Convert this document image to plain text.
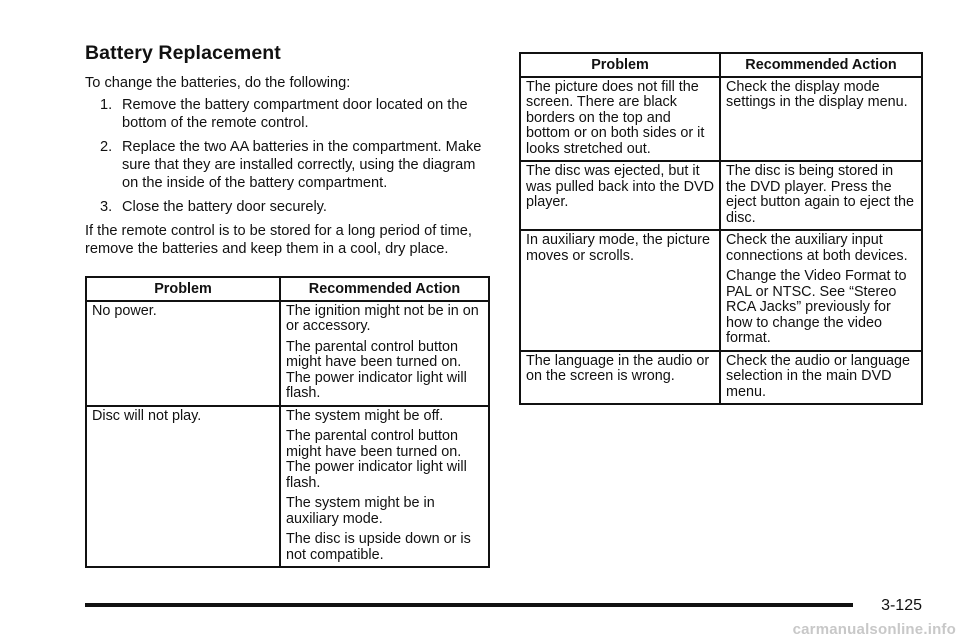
Battery Replacement

To change the batteries, do the following:

1. Remove the battery compartment door located on the bottom of the remote control.
2. Replace the two AA batteries in the compartment. Make sure that they are installed correctly, using the diagram on the inside of the battery compartment.
3. Close the battery door securely.

If the remote control is to be stored for a long period of time, remove the batteries and keep them in a cool, dry place.

Problem	Recommended Action
No power.	The ignition might not be in on or accessory.

The parental control button might have been turned on. The power indicator light will flash.

Disc will not play.	The system might be off.

The parental control button might have been turned on. The power indicator light will flash.

The system might be in auxiliary mode.

The disc is upside down or is not compatible.

Problem	Recommended Action
The picture does not fill the screen. There are black borders on the top and bottom or on both sides or it looks stretched out.	Check the display mode settings in the display menu.

The disc was ejected, but it was pulled back into the DVD player.	The disc is being stored in the DVD player. Press the eject button again to eject the disc.

In auxiliary mode, the picture moves or scrolls.	Check the auxiliary input connections at both devices.

Change the Video Format to PAL or NTSC. See “Stereo RCA Jacks” previously for how to change the video format.

The language in the audio or on the screen is wrong.	Check the audio or language selection in the main DVD menu.

3-125
carmanualsonline.info
